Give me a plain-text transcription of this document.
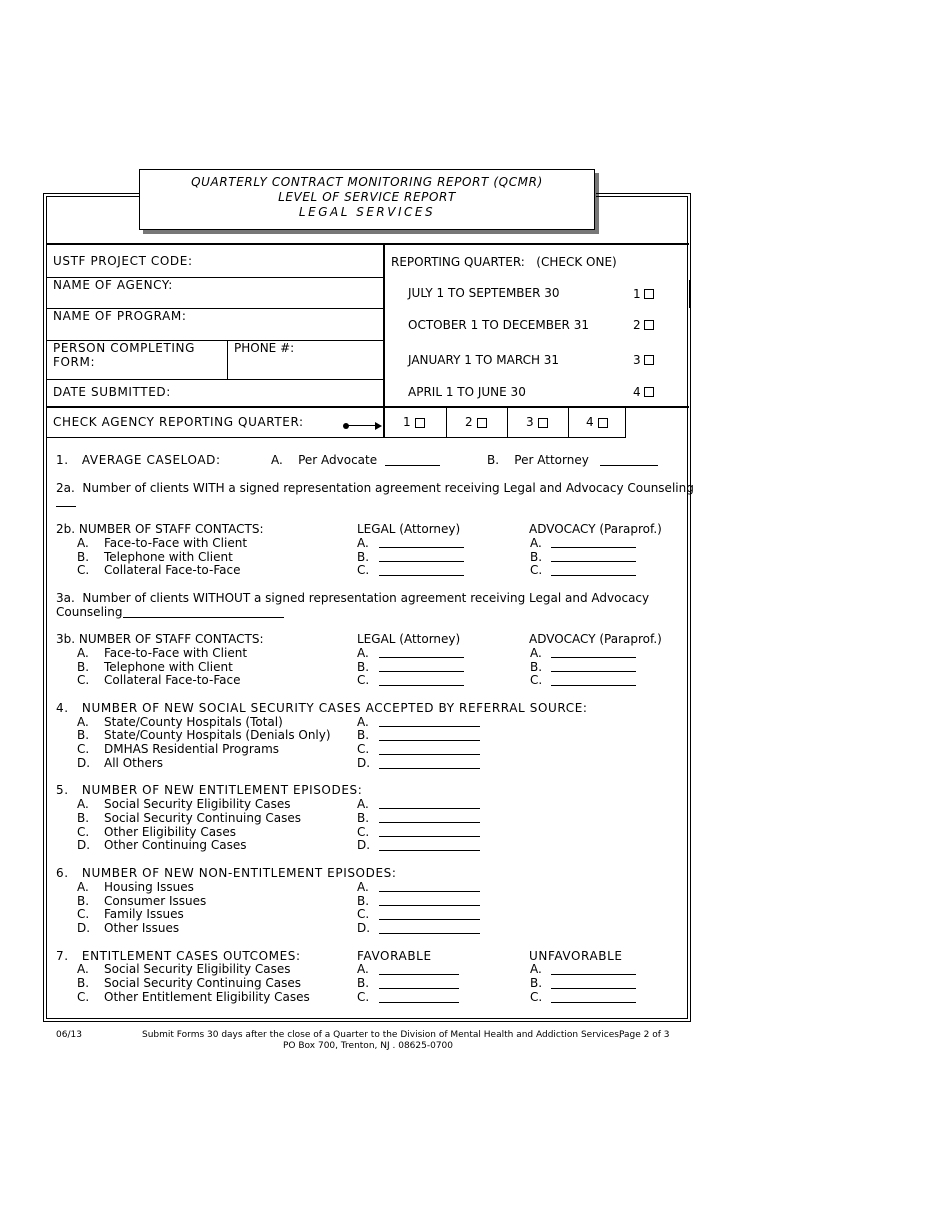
QUARTERLY CONTRACT MONITORING REPORT (QCMR)
LEVEL OF SERVICE REPORT
LEGAL SERVICES
USTF PROJECT CODE:
NAME OF AGENCY:
NAME OF PROGRAM:
PERSON COMPLETING
FORM:
PHONE #:
DATE SUBMITTED:
CHECK AGENCY REPORTING QUARTER:	1	2	3	4
REPORTING QUARTER:   (CHECK ONE)
JULY 1 TO SEPTEMBER 30	1
OCTOBER 1 TO DECEMBER 31	2
JANUARY 1 TO MARCH 31	3
APRIL 1 TO JUNE 30	4
1.   AVERAGE CASELOAD:	A.    Per Advocate	B.    Per Attorney
2a.  Number of clients WITH a signed representation agreement receiving Legal and Advocacy Counseling
2b. NUMBER OF STAFF CONTACTS:	LEGAL (Attorney)	ADVOCACY (Paraprof.)
A. Face-to-Face with Client	A.	A.
B. Telephone with Client	B.	B.
C. Collateral Face-to-Face	C.	C.
3a.  Number of clients WITHOUT a signed representation agreement receiving Legal and Advocacy
Counseling
3b. NUMBER OF STAFF CONTACTS:	LEGAL (Attorney)	ADVOCACY (Paraprof.)
A. Face-to-Face with Client	A.	A.
B. Telephone with Client	B.	B.
C. Collateral Face-to-Face	C.	C.
4.   NUMBER OF NEW SOCIAL SECURITY CASES ACCEPTED BY REFERRAL SOURCE:
A. State/County Hospitals (Total)	A.
B. State/County Hospitals (Denials Only) B.
C. DMHAS Residential Programs	C.
D. All Others	D.
5.   NUMBER OF NEW ENTITLEMENT EPISODES:
A. Social Security Eligibility Cases	A.
B. Social Security Continuing Cases	B.
C. Other Eligibility Cases	C.
D. Other Continuing Cases	D.
6.   NUMBER OF NEW NON-ENTITLEMENT EPISODES:
A. Housing Issues	A.
B. Consumer Issues	B.
C. Family Issues	C.
D. Other Issues	D.
7.   ENTITLEMENT CASES OUTCOMES:	FAVORABLE	UNFAVORABLE
A. Social Security Eligibility Cases	A.	A.
B. Social Security Continuing Cases	B.	B.
C. Other Entitlement Eligibility Cases	C.	C.
06/13	Submit Forms 30 days after the close of a Quarter to the Division of Mental Health and Addiction Services,
Page 2 of 3
PO Box 700, Trenton, NJ . 08625-0700
